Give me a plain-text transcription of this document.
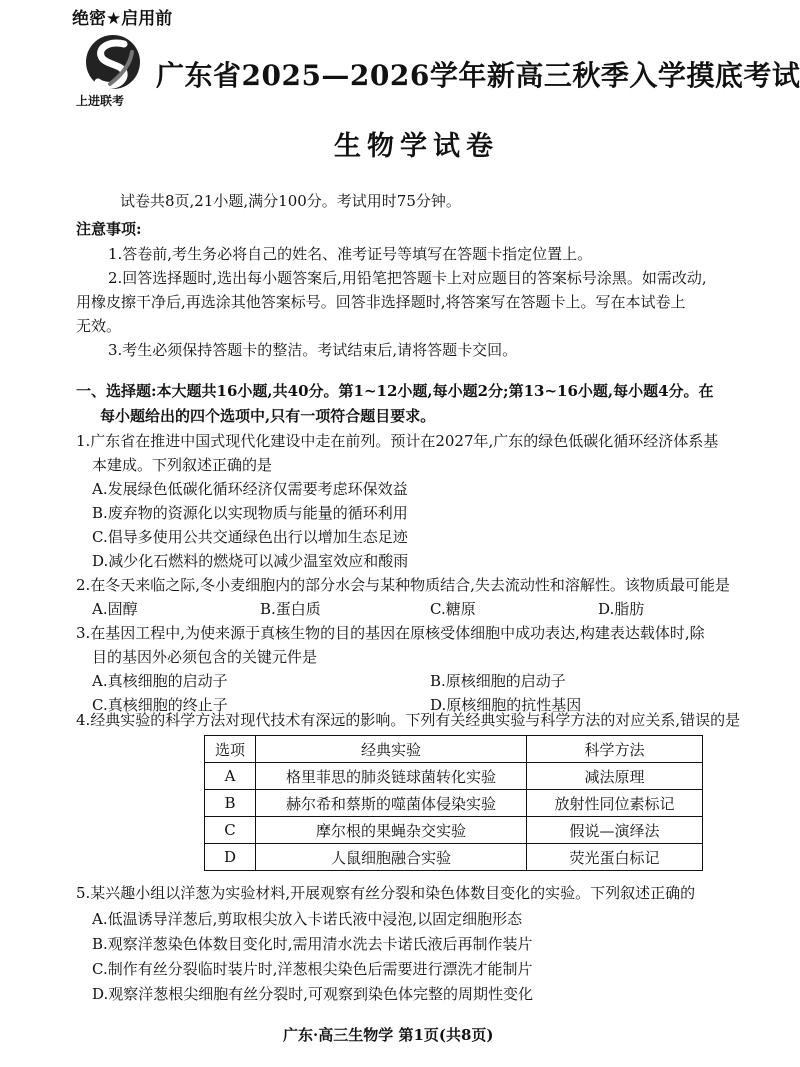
绝密★启用前
上进联考
广东省2025—2026学年新高三秋季入学摸底考试
生物学试卷
试卷共8页,21小题,满分100分。考试用时75分钟。
注意事项:
1.答卷前,考生务必将自己的姓名、准考证号等填写在答题卡指定位置上。
2.回答选择题时,选出每小题答案后,用铅笔把答题卡上对应题目的答案标号涂黑。如需改动,
用橡皮擦干净后,再选涂其他答案标号。回答非选择题时,将答案写在答题卡上。写在本试卷上
无效。
3.考生必须保持答题卡的整洁。考试结束后,请将答题卡交回。
一、选择题:本大题共16小题,共40分。第1~12小题,每小题2分;第13~16小题,每小题4分。在
每小题给出的四个选项中,只有一项符合题目要求。
1.广东省在推进中国式现代化建设中走在前列。预计在2027年,广东的绿色低碳化循环经济体系基
本建成。下列叙述正确的是
A.发展绿色低碳化循环经济仅需要考虑环保效益
B.废弃物的资源化以实现物质与能量的循环利用
C.倡导多使用公共交通绿色出行以增加生态足迹
D.减少化石燃料的燃烧可以减少温室效应和酸雨
2.在冬天来临之际,冬小麦细胞内的部分水会与某种物质结合,失去流动性和溶解性。该物质最可能是
A.固醇	B.蛋白质	C.糖原	D.脂肪
3.在基因工程中,为使来源于真核生物的目的基因在原核受体细胞中成功表达,构建表达载体时,除
目的基因外必须包含的关键元件是
A.真核细胞的启动子	B.原核细胞的启动子
C.真核细胞的终止子	D.原核细胞的抗性基因
4.经典实验的科学方法对现代技术有深远的影响。下列有关经典实验与科学方法的对应关系,错误的是
选项	经典实验	科学方法
A	格里菲思的肺炎链球菌转化实验	减法原理
B	赫尔希和蔡斯的噬菌体侵染实验	放射性同位素标记
C	摩尔根的果蝇杂交实验	假说—演绎法
D	人鼠细胞融合实验	荧光蛋白标记
5.某兴趣小组以洋葱为实验材料,开展观察有丝分裂和染色体数目变化的实验。下列叙述正确的
A.低温诱导洋葱后,剪取根尖放入卡诺氏液中浸泡,以固定细胞形态
B.观察洋葱染色体数目变化时,需用清水洗去卡诺氏液后再制作装片
C.制作有丝分裂临时装片时,洋葱根尖染色后需要进行漂洗才能制片
D.观察洋葱根尖细胞有丝分裂时,可观察到染色体完整的周期性变化
广东·高三生物学 第1页(共8页)
